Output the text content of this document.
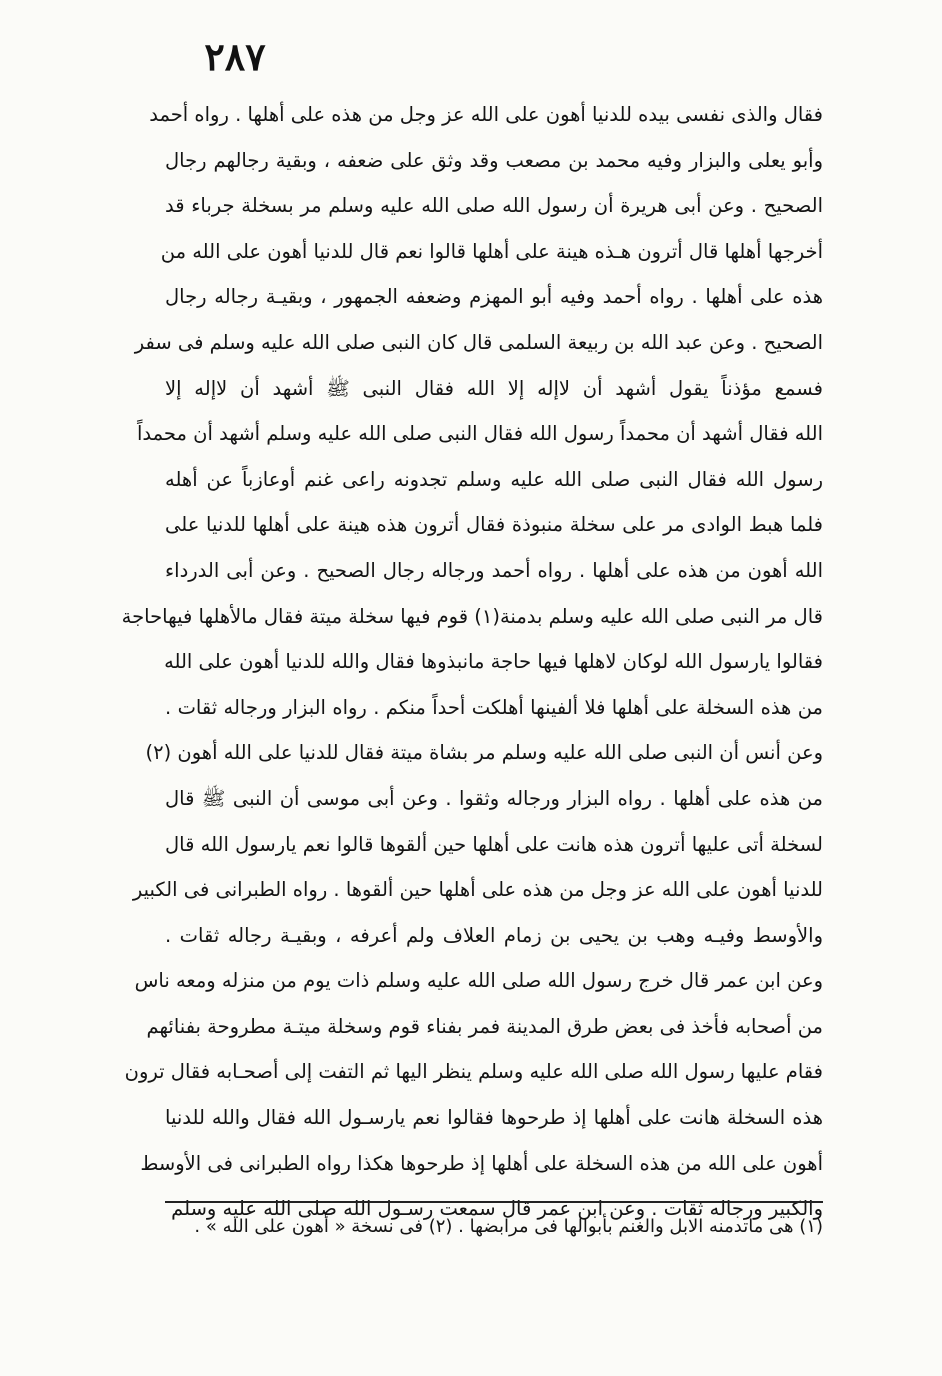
٢٨٧
فقال والذى نفسى بيده للدنيا أهون على الله عز وجل من هذه على أهلها . رواه أحمد
وأبو يعلى والبزار وفيه محمد بن مصعب وقد وثق على ضعفه ، وبقية رجالهم رجال
الصحيح . وعن أبى هريرة أن رسول الله صلى الله عليه وسلم مر بسخلة جرباء قد
أخرجها أهلها قال أترون هـذه هينة على أهلها قالوا نعم قال للدنيا أهون على الله من
هذه على أهلها . رواه أحمد وفيه أبو المهزم وضعفه الجمهور ، وبقيـة رجاله رجال
الصحيح . وعن عبد الله بن ربيعة السلمى قال كان النبى صلى الله عليه وسلم فى سفر
فسمع مؤذناً يقول أشهد أن لاإله إلا الله فقال النبى ﷺ أشهد أن لاإله إلا
الله فقال أشهد أن محمداً رسول الله فقال النبى صلى الله عليه وسلم أشهد أن محمداً
رسول الله فقال النبى صلى الله عليه وسلم تجدونه راعى غنم أوعازباً عن أهله
فلما هبط الوادى مر على سخلة منبوذة فقال أترون هذه هينة على أهلها للدنيا على
الله أهون من هذه على أهلها . رواه أحمد ورجاله رجال الصحيح . وعن أبى الدرداء
قال مر النبى صلى الله عليه وسلم بدمنة(١) قوم فيها سخلة ميتة فقال مالأهلها فيهاحاجة
فقالوا يارسول الله لوكان لاهلها فيها حاجة مانبذوها فقال والله للدنيا أهون على الله
من هذه السخلة على أهلها فلا ألفينها أهلكت أحداً منكم . رواه البزار ورجاله ثقات .
وعن أنس أن النبى صلى الله عليه وسلم مر بشاة ميتة فقال للدنيا على الله أهون (٢)
من هذه على أهلها . رواه البزار ورجاله وثقوا . وعن أبى موسى أن النبى ﷺ قال
لسخلة أتى عليها أترون هذه هانت على أهلها حين ألقوها قالوا نعم يارسول الله قال
للدنيا أهون على الله عز وجل من هذه على أهلها حين ألقوها . رواه الطبرانى فى الكبير
والأوسط وفيـه وهب بن يحيى بن زمام العلاف ولم أعرفه ، وبقيـة رجاله ثقات .
وعن ابن عمر قال خرج رسول الله صلى الله عليه وسلم ذات يوم من منزله ومعه ناس
من أصحابه فأخذ فى بعض طرق المدينة فمر بفناء قوم وسخلة ميتـة مطروحة بفنائهم
فقام عليها رسول الله صلى الله عليه وسلم ينظر اليها ثم التفت إلى أصحـابه فقال ترون
هذه السخلة هانت على أهلها إذ طرحوها فقالوا نعم يارسـول الله فقال والله للدنيا
أهون على الله من هذه السخلة على أهلها إذ طرحوها هكذا رواه الطبرانى فى الأوسط
والكبير ورجاله ثقات . وعن ابن عمر قال سمعت رسـول الله صلى الله عليه وسلم
(١) هى ماتدمنه الابل والغنم بأبوالها فى مرابضها . (٢) فى نسخة « أهون على الله » .
